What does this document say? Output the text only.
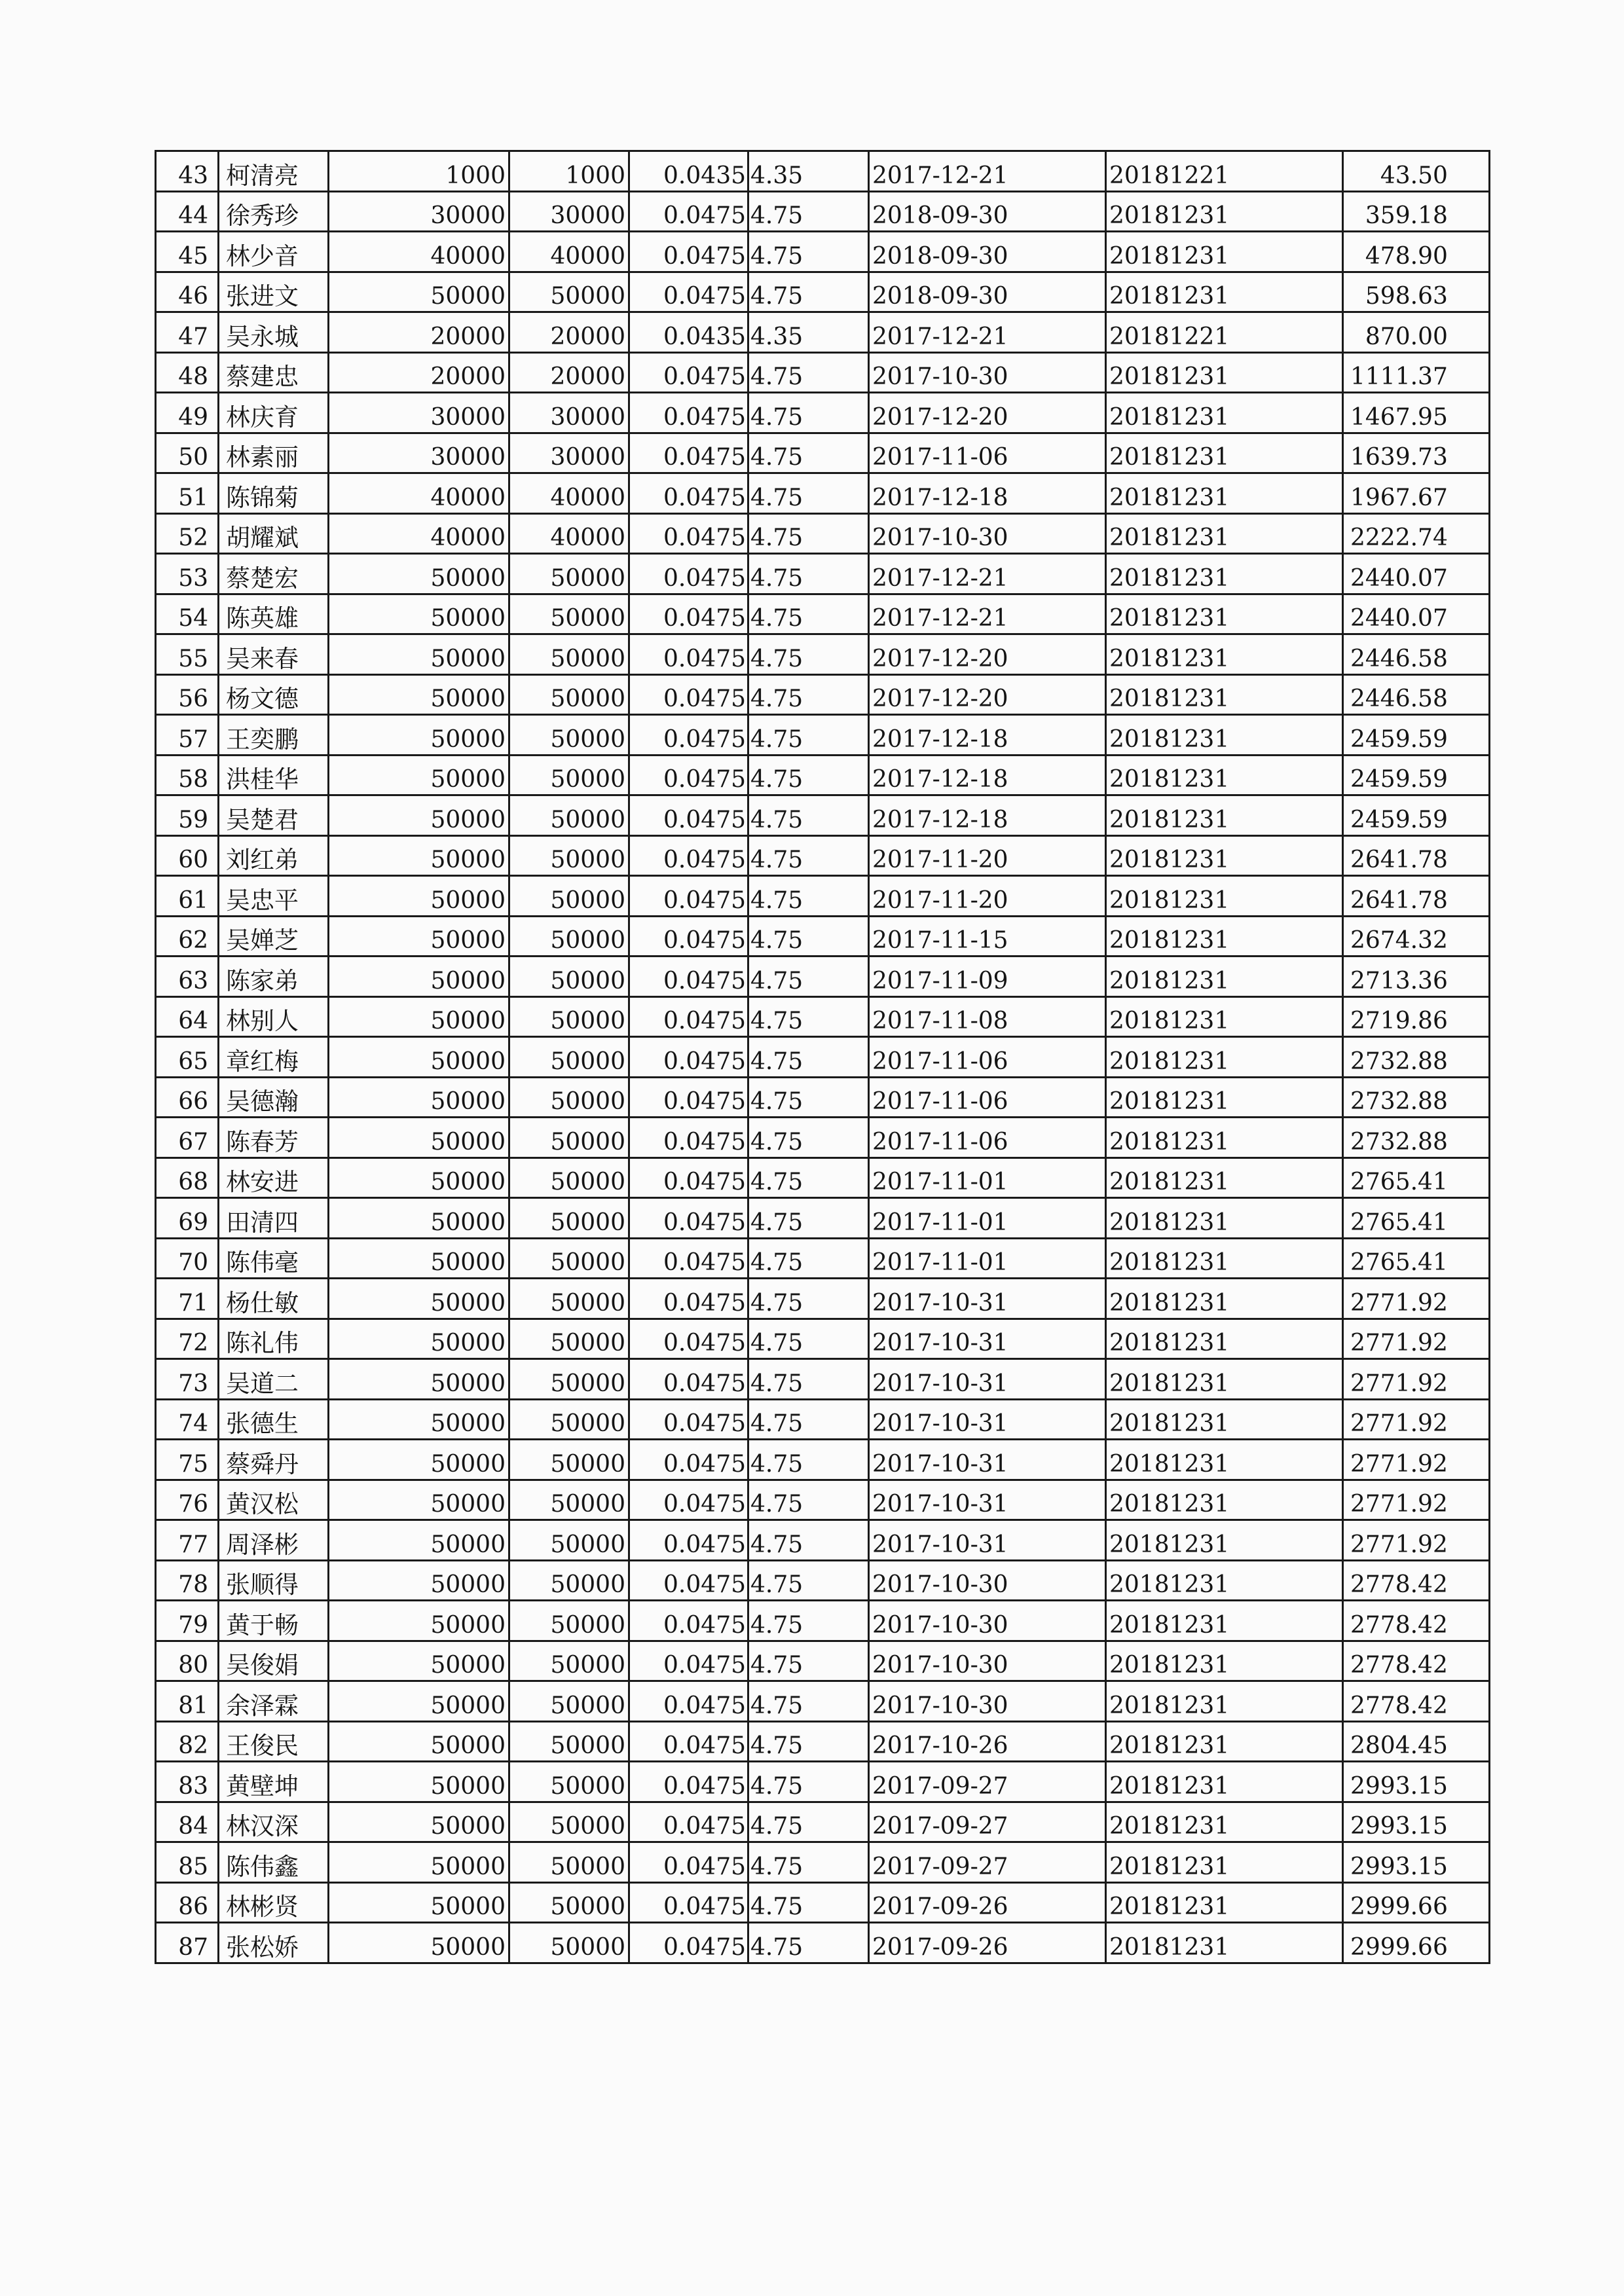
43	柯清亮	1000	1000	0.0435	4.35	2017-12-21	20181221	43.50
44	徐秀珍	30000	30000	0.0475	4.75	2018-09-30	20181231	359.18
45	林少音	40000	40000	0.0475	4.75	2018-09-30	20181231	478.90
46	张进文	50000	50000	0.0475	4.75	2018-09-30	20181231	598.63
47	吴永城	20000	20000	0.0435	4.35	2017-12-21	20181221	870.00
48	蔡建忠	20000	20000	0.0475	4.75	2017-10-30	20181231	1111.37
49	林庆育	30000	30000	0.0475	4.75	2017-12-20	20181231	1467.95
50	林素丽	30000	30000	0.0475	4.75	2017-11-06	20181231	1639.73
51	陈锦菊	40000	40000	0.0475	4.75	2017-12-18	20181231	1967.67
52	胡耀斌	40000	40000	0.0475	4.75	2017-10-30	20181231	2222.74
53	蔡楚宏	50000	50000	0.0475	4.75	2017-12-21	20181231	2440.07
54	陈英雄	50000	50000	0.0475	4.75	2017-12-21	20181231	2440.07
55	吴来春	50000	50000	0.0475	4.75	2017-12-20	20181231	2446.58
56	杨文德	50000	50000	0.0475	4.75	2017-12-20	20181231	2446.58
57	王奕鹏	50000	50000	0.0475	4.75	2017-12-18	20181231	2459.59
58	洪桂华	50000	50000	0.0475	4.75	2017-12-18	20181231	2459.59
59	吴楚君	50000	50000	0.0475	4.75	2017-12-18	20181231	2459.59
60	刘红弟	50000	50000	0.0475	4.75	2017-11-20	20181231	2641.78
61	吴忠平	50000	50000	0.0475	4.75	2017-11-20	20181231	2641.78
62	吴婵芝	50000	50000	0.0475	4.75	2017-11-15	20181231	2674.32
63	陈家弟	50000	50000	0.0475	4.75	2017-11-09	20181231	2713.36
64	林别人	50000	50000	0.0475	4.75	2017-11-08	20181231	2719.86
65	章红梅	50000	50000	0.0475	4.75	2017-11-06	20181231	2732.88
66	吴德瀚	50000	50000	0.0475	4.75	2017-11-06	20181231	2732.88
67	陈春芳	50000	50000	0.0475	4.75	2017-11-06	20181231	2732.88
68	林安进	50000	50000	0.0475	4.75	2017-11-01	20181231	2765.41
69	田清四	50000	50000	0.0475	4.75	2017-11-01	20181231	2765.41
70	陈伟毫	50000	50000	0.0475	4.75	2017-11-01	20181231	2765.41
71	杨仕敏	50000	50000	0.0475	4.75	2017-10-31	20181231	2771.92
72	陈礼伟	50000	50000	0.0475	4.75	2017-10-31	20181231	2771.92
73	吴道二	50000	50000	0.0475	4.75	2017-10-31	20181231	2771.92
74	张德生	50000	50000	0.0475	4.75	2017-10-31	20181231	2771.92
75	蔡舜丹	50000	50000	0.0475	4.75	2017-10-31	20181231	2771.92
76	黄汉松	50000	50000	0.0475	4.75	2017-10-31	20181231	2771.92
77	周泽彬	50000	50000	0.0475	4.75	2017-10-31	20181231	2771.92
78	张顺得	50000	50000	0.0475	4.75	2017-10-30	20181231	2778.42
79	黄于畅	50000	50000	0.0475	4.75	2017-10-30	20181231	2778.42
80	吴俊娟	50000	50000	0.0475	4.75	2017-10-30	20181231	2778.42
81	余泽霖	50000	50000	0.0475	4.75	2017-10-30	20181231	2778.42
82	王俊民	50000	50000	0.0475	4.75	2017-10-26	20181231	2804.45
83	黄壁坤	50000	50000	0.0475	4.75	2017-09-27	20181231	2993.15
84	林汉深	50000	50000	0.0475	4.75	2017-09-27	20181231	2993.15
85	陈伟鑫	50000	50000	0.0475	4.75	2017-09-27	20181231	2993.15
86	林彬贤	50000	50000	0.0475	4.75	2017-09-26	20181231	2999.66
87	张松娇	50000	50000	0.0475	4.75	2017-09-26	20181231	2999.66
